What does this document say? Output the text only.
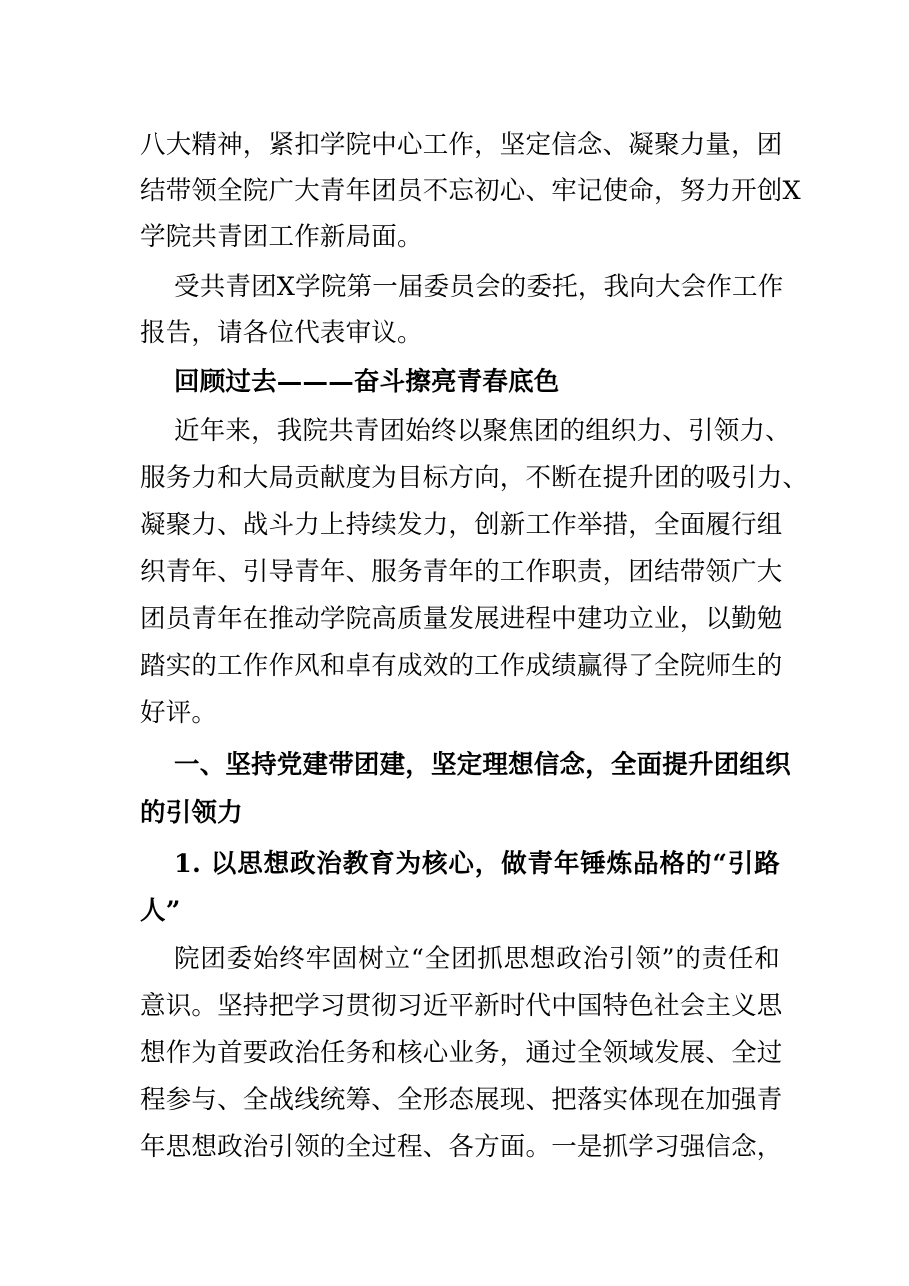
八大精神，紧扣学院中心工作，坚定信念、凝聚力量，团
结带领全院广大青年团员不忘初心、牢记使命，努力开创X
学院共青团工作新局面。
受共青团X学院第一届委员会的委托，我向大会作工作
报告，请各位代表审议。
回顾过去———奋斗擦亮青春底色
近年来，我院共青团始终以聚焦团的组织力、引领力、
服务力和大局贡献度为目标方向，不断在提升团的吸引力、
凝聚力、战斗力上持续发力，创新工作举措，全面履行组
织青年、引导青年、服务青年的工作职责，团结带领广大
团员青年在推动学院高质量发展进程中建功立业，以勤勉
踏实的工作作风和卓有成效的工作成绩赢得了全院师生的
好评。
一、坚持党建带团建，坚定理想信念，全面提升团组织
的引领力
1. 以思想政治教育为核心，做青年锤炼品格的“引路
人”
院团委始终牢固树立“全团抓思想政治引领”的责任和
意识。坚持把学习贯彻习近平新时代中国特色社会主义思
想作为首要政治任务和核心业务，通过全领域发展、全过
程参与、全战线统筹、全形态展现、把落实体现在加强青
年思想政治引领的全过程、各方面。一是抓学习强信念，
